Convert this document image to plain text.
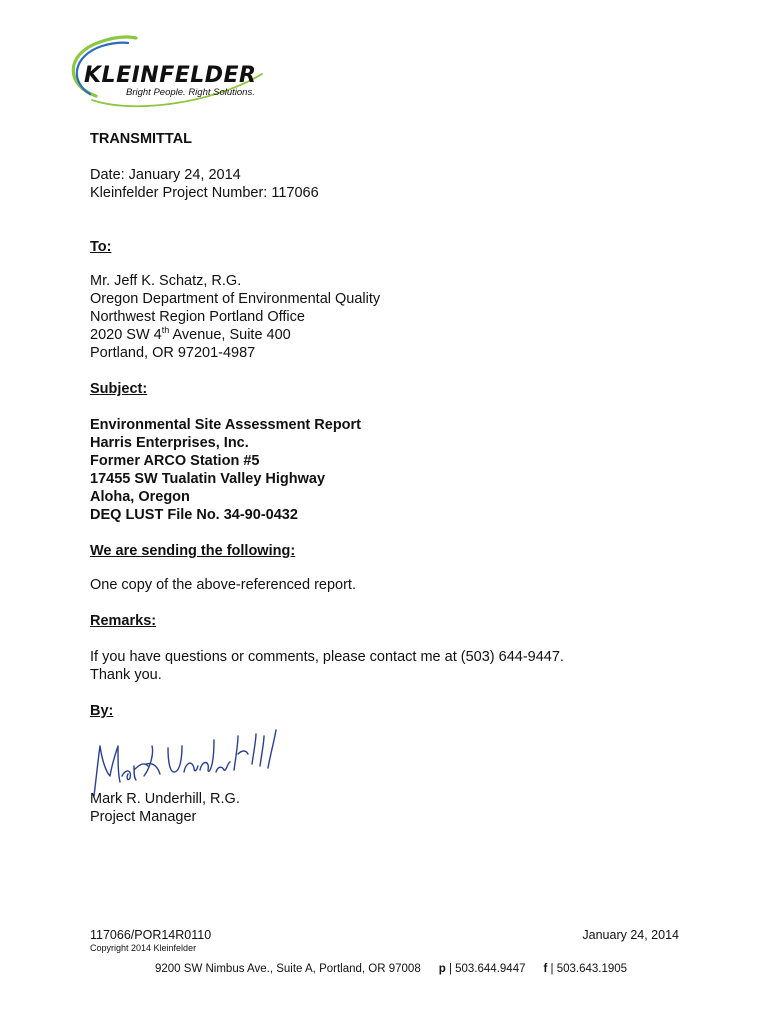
KLEINFELDER
Bright People. Right Solutions.
TRANSMITTAL
Date: January 24, 2014
Kleinfelder Project Number: 117066
To:
Mr. Jeff K. Schatz, R.G.
Oregon Department of Environmental Quality
Northwest Region Portland Office
2020 SW 4th Avenue, Suite 400
Portland, OR 97201-4987
Subject:
Environmental Site Assessment Report
Harris Enterprises, Inc.
Former ARCO Station #5
17455 SW Tualatin Valley Highway
Aloha, Oregon
DEQ LUST File No. 34-90-0432
We are sending the following:
One copy of the above-referenced report.
Remarks:
If you have questions or comments, please contact me at (503) 644-9447.
Thank you.
By:
Mark R. Underhill, R.G.
Project Manager
117066/POR14R0110
Copyright 2014 Kleinfelder
January 24, 2014
9200 SW Nimbus Ave., Suite A, Portland, OR 97008 p | 503.644.9447 f | 503.643.1905
